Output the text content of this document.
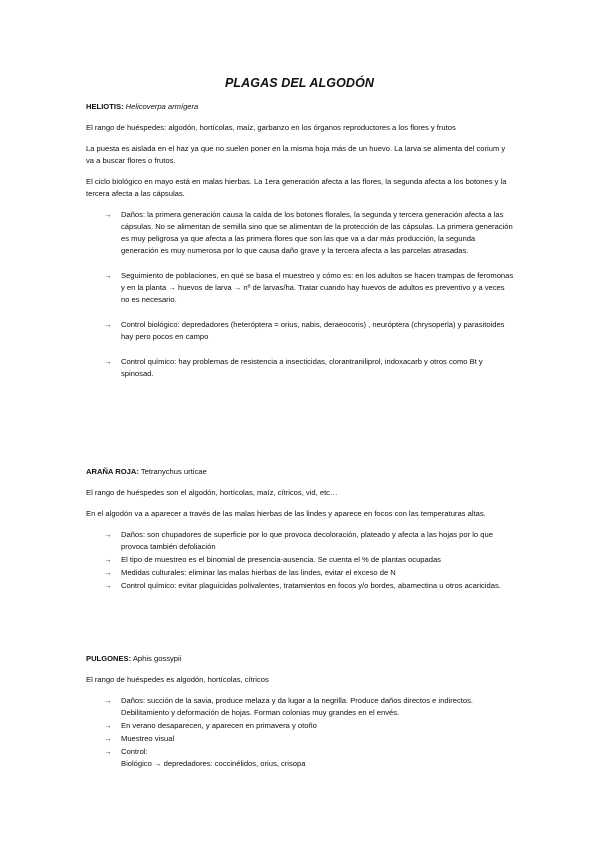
PLAGAS DEL ALGODÓN

HELIOTIS: Helicoverpa armígera

El rango de huéspedes: algodón, hortícolas, maíz, garbanzo en los órganos reproductores a los flores y frutos

La puesta es aislada en el haz ya que no suelen poner en la misma hoja más de un huevo. La larva se alimenta del corium y va a buscar flores o frutos.

El ciclo biológico en mayo está en malas hierbas. La 1era generación afecta a las flores, la segunda afecta a los botones y la tercera afecta a las cápsulas.

→ Daños: la primera generación causa la caída de los botones florales, la segunda y tercera generación afecta a las cápsulas. No se alimentan de semilla sino que se alimentan de la protección de las cápsulas. La primera generación es muy peligrosa ya que afecta a las primera flores que son las que va a dar más producción, la segunda generación es muy numerosa por lo que causa daño grave y la tercera afecta a las parcelas atrasadas.
→ Seguimiento de poblaciones, en qué se basa el muestreo y cómo es: en los adultos se hacen trampas de feromonas y en la planta → huevos de larva → nº de larvas/ha. Tratar cuando hay huevos de adultos es preventivo y a veces no es necesario.
→ Control biológico: depredadores (heteróptera = orius, nabis, deraeocoris) , neuróptera (chrysoperla) y parasitoides hay pero pocos en campo
→ Control químico: hay problemas de resistencia a insecticidas, clorantraniliprol, indoxacarb y otros como Bt y spinosad.

ARAÑA ROJA: Tetranychus urticae

El rango de huéspedes son el algodón, hortícolas, maíz, cítricos, vid, etc…

En el algodón va a aparecer a través de las malas hierbas de las lindes y aparece en focos con las temperaturas altas.

→ Daños: son chupadores de superficie por lo que provoca decoloración, plateado y afecta a las hojas por lo que provoca también defoliación
→ El tipo de muestreo es el binomial de presencia-ausencia. Se cuenta el % de plantas ocupadas
→ Medidas culturales: eliminar las malas hierbas de las lindes, evitar el exceso de N
→ Control químico: evitar plaguicidas polivalentes, tratamientos en focos y/o bordes, abamectina u otros acaricidas.

PULGONES: Aphis gossypii

El rango de huéspedes es algodón, hortícolas, cítricos

→ Daños: succión de la savia, produce melaza y da lugar a la negrilla. Produce daños directos e indirectos. Debilitamiento y deformación de hojas. Forman colonias muy grandes en el envés.
→ En verano desaparecen, y aparecen en primavera y otoño
→ Muestreo visual
→ Control:
Biológico → depredadores: coccinélidos, orius, crisopa
